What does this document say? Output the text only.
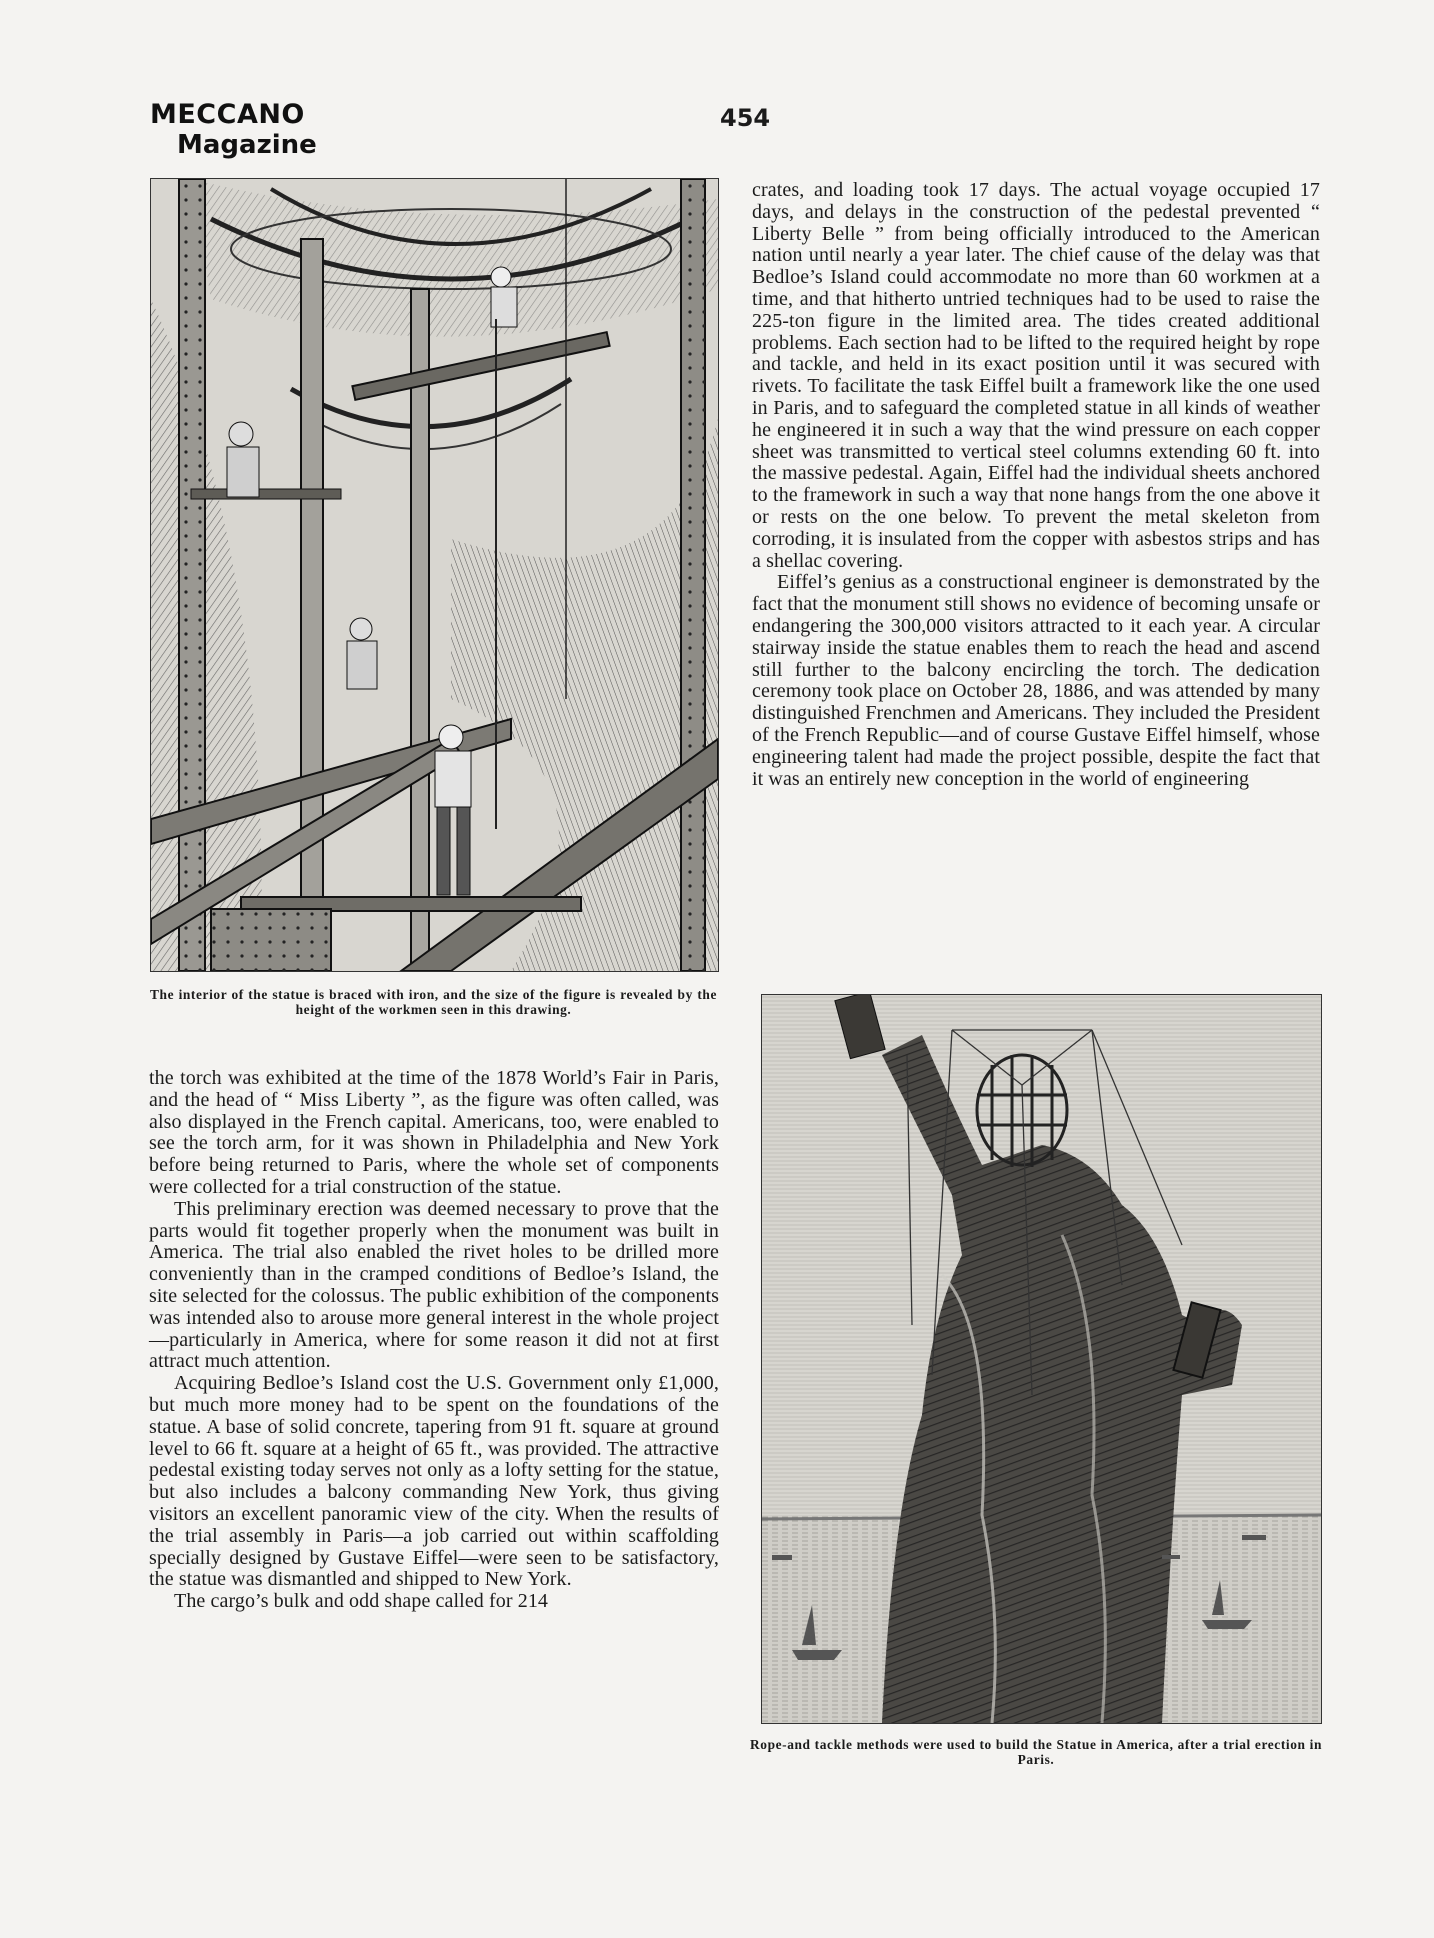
MECCANO
Magazine
454
The interior of the statue is braced with iron, and the size of the figure is revealed by the height of the workmen seen in this drawing.
Rope-and tackle methods were used to build the Statue in America, after a trial erection in Paris.

the torch was exhibited at the time of the 1878 World’s Fair in Paris, and the head of “ Miss Liberty ”, as the figure was often called, was also displayed in the French capital. Americans, too, were enabled to see the torch arm, for it was shown in Philadelphia and New York before being returned to Paris, where the whole set of components were collected for a trial construction of the statue.

This preliminary erection was deemed necessary to prove that the parts would fit together properly when the monument was built in America. The trial also enabled the rivet holes to be drilled more conveniently than in the cramped conditions of Bedloe’s Island, the site selected for the colossus. The public exhibition of the components was intended also to arouse more general interest in the whole project—particularly in America, where for some reason it did not at first attract much attention.

Acquiring Bedloe’s Island cost the U.S. Government only £1,000, but much more money had to be spent on the foundations of the statue. A base of solid concrete, tapering from 91 ft. square at ground level to 66 ft. square at a height of 65 ft., was provided. The attractive pedestal existing today serves not only as a lofty setting for the statue, but also includes a balcony commanding New York, thus giving visitors an excellent panoramic view of the city. When the results of the trial assembly in Paris—a job carried out within scaffolding specially designed by Gustave Eiffel—were seen to be satisfactory, the statue was dismantled and shipped to New York.

The cargo’s bulk and odd shape called for 214

crates, and loading took 17 days. The actual voyage occupied 17 days, and delays in the construction of the pedestal prevented “ Liberty Belle ” from being officially introduced to the American nation until nearly a year later. The chief cause of the delay was that Bedloe’s Island could accommodate no more than 60 workmen at a time, and that hitherto untried techniques had to be used to raise the 225-ton figure in the limited area. The tides created additional problems. Each section had to be lifted to the required height by rope and tackle, and held in its exact position until it was secured with rivets. To facilitate the task Eiffel built a framework like the one used in Paris, and to safeguard the completed statue in all kinds of weather he engineered it in such a way that the wind pressure on each copper sheet was transmitted to vertical steel columns extending 60 ft. into the massive pedestal. Again, Eiffel had the individual sheets anchored to the framework in such a way that none hangs from the one above it or rests on the one below. To prevent the metal skeleton from corroding, it is insulated from the copper with asbestos strips and has a shellac covering.

Eiffel’s genius as a constructional engineer is demonstrated by the fact that the monument still shows no evidence of becoming unsafe or endangering the 300,000 visitors attracted to it each year. A circular stairway inside the statue enables them to reach the head and ascend still further to the balcony encircling the torch. The dedication ceremony took place on October 28, 1886, and was attended by many distinguished Frenchmen and Americans. They included the President of the French Republic—and of course Gustave Eiffel himself, whose engineering talent had made the project possible, despite the fact that it was an entirely new conception in the world of engineering
